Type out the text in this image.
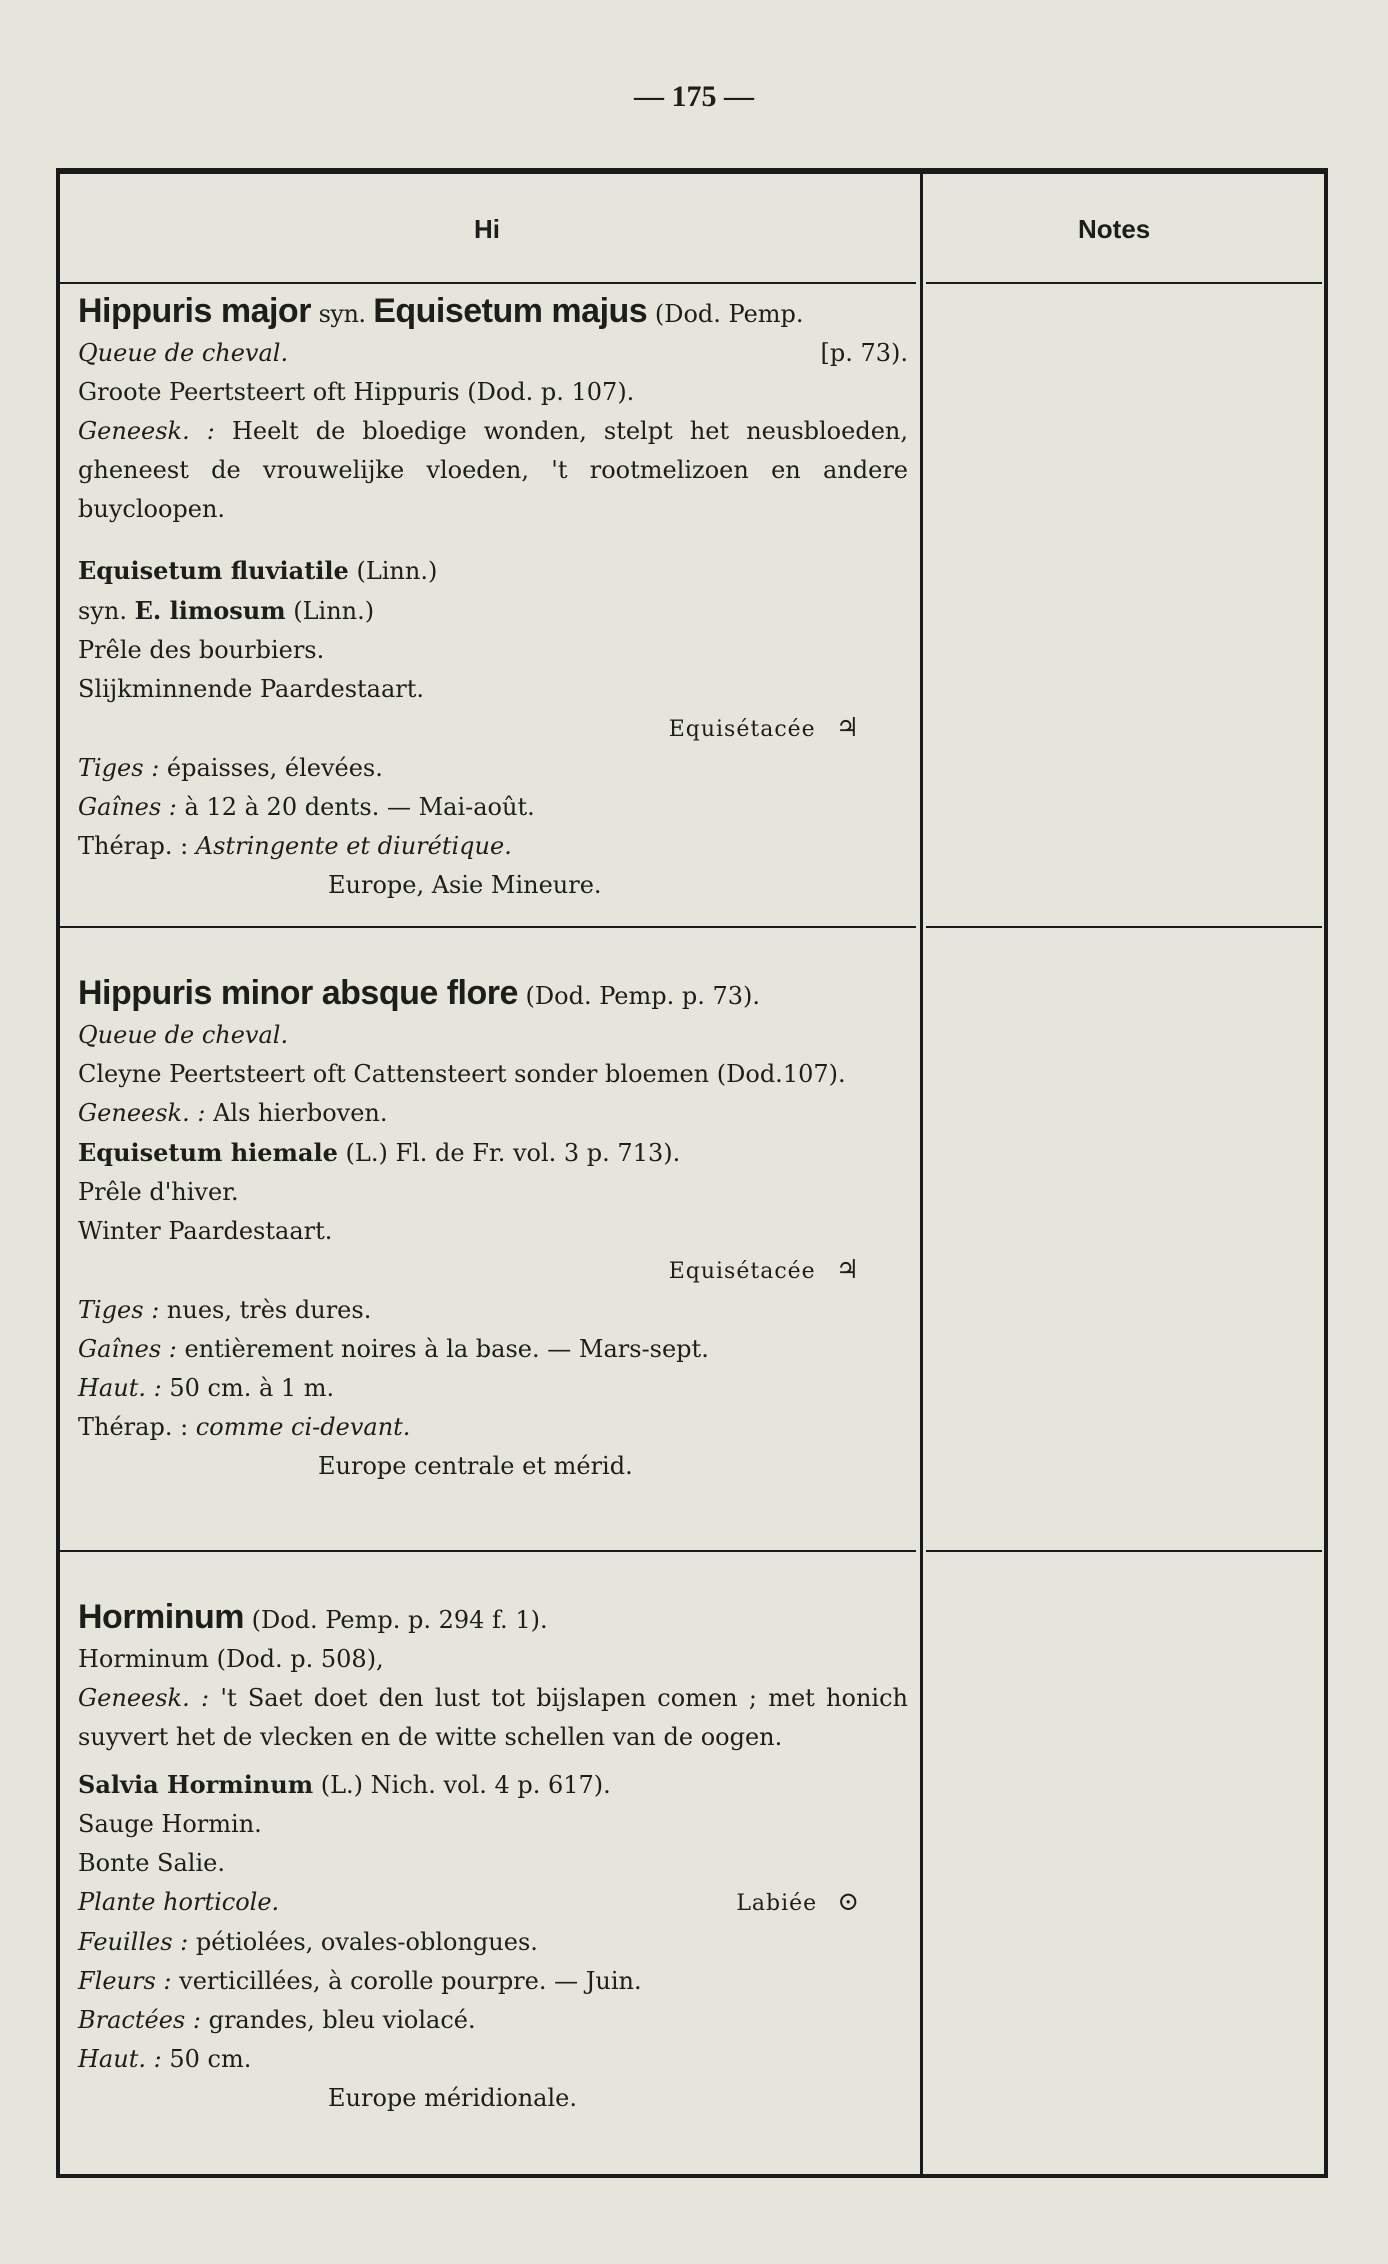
— 175 —
Hi	Notes
Hippuris major syn. Equisetum majus (Dod. Pemp.
Queue de cheval.	[p. 73).
Groote Peertsteert oft Hippuris (Dod. p. 107).
Geneesk. : Heelt de bloedige wonden, stelpt het neusbloeden, gheneest de vrouwelijke vloeden, 't rootmelizoen en andere buycloopen.
Equisetum fluviatile (Linn.)
syn. E. limosum (Linn.)
Prêle des bourbiers.
Slijkminnende Paardestaart.
Equisétacée ♃
Tiges : épaisses, élevées.
Gaînes : à 12 à 20 dents. — Mai-août.
Thérap. : Astringente et diurétique.
Europe, Asie Mineure.
Hippuris minor absque flore (Dod. Pemp. p. 73).
Queue de cheval.
Cleyne Peertsteert oft Cattensteert sonder bloemen (Dod.107).
Geneesk. : Als hierboven.
Equisetum hiemale (L.) Fl. de Fr. vol. 3 p. 713).
Prêle d'hiver.
Winter Paardestaart.
Equisétacée ♃
Tiges : nues, très dures.
Gaînes : entièrement noires à la base. — Mars-sept.
Haut. : 50 cm. à 1 m.
Thérap. : comme ci-devant.
Europe centrale et mérid.
Horminum (Dod. Pemp. p. 294 f. 1).
Horminum (Dod. p. 508),
Geneesk. : 't Saet doet den lust tot bijslapen comen ; met honich suyvert het de vlecken en de witte schellen van de oogen.
Salvia Horminum (L.) Nich. vol. 4 p. 617).
Sauge Hormin.
Bonte Salie.
Plante horticole.	Labiée ⊙
Feuilles : pétiolées, ovales-oblongues.
Fleurs : verticillées, à corolle pourpre. — Juin.
Bractées : grandes, bleu violacé.
Haut. : 50 cm.
Europe méridionale.
